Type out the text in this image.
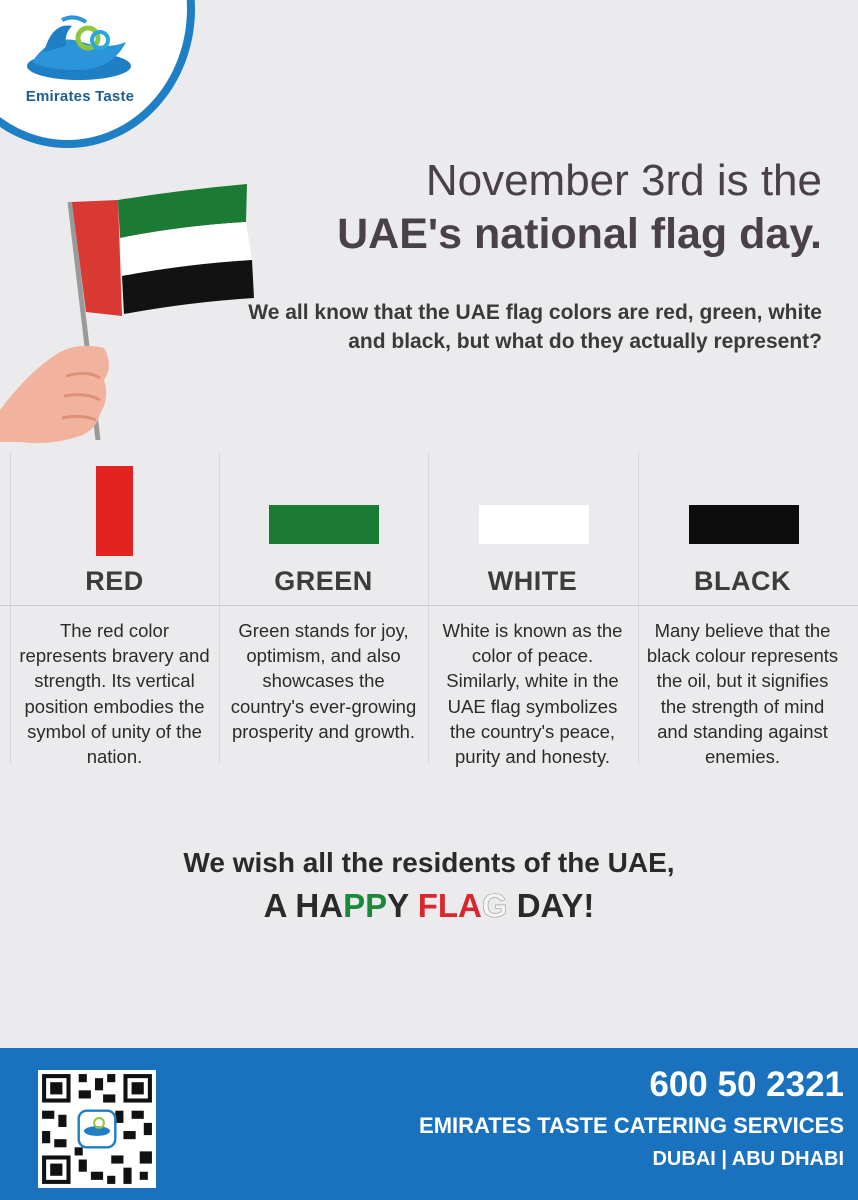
Emirates Taste
November 3rd is the
UAE's national flag day.
We all know that the UAE flag colors are red, green, white and black, but what do they actually represent?
RED
The red color represents bravery and strength. Its vertical position embodies the symbol of unity of the nation.
GREEN
Green stands for joy, optimism, and also showcases the country's ever-growing prosperity and growth.
WHITE
White is known as the color of peace. Similarly, white in the UAE flag symbolizes the country's peace, purity and honesty.
BLACK
Many believe that the black colour represents the oil, but it signifies the strength of mind and standing against enemies.
We wish all the residents of the UAE,
A HAPPY FLAG DAY!
600 50 2321
EMIRATES TASTE CATERING SERVICES
DUBAI | ABU DHABI
